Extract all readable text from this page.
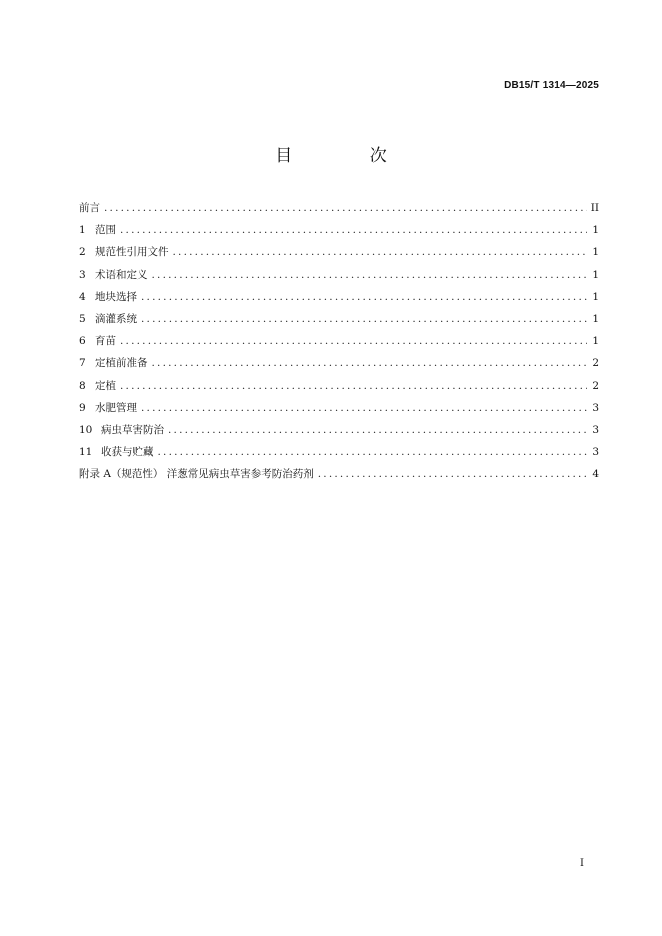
DB15/T 1314—2025
目 次
前言 .....	II
1 范围 .....	1
2 规范性引用文件 .....	1
3 术语和定义 .....	1
4 地块选择 .....	1
5 滴灌系统 .....	1
6 育苗 .....	1
7 定植前准备 .....	2
8 定植 .....	2
9 水肥管理 .....	3
10 病虫草害防治 .....	3
11 收获与贮藏 .....	3
附录 A（规范性） 洋葱常见病虫草害参考防治药剂 .....	4
I
